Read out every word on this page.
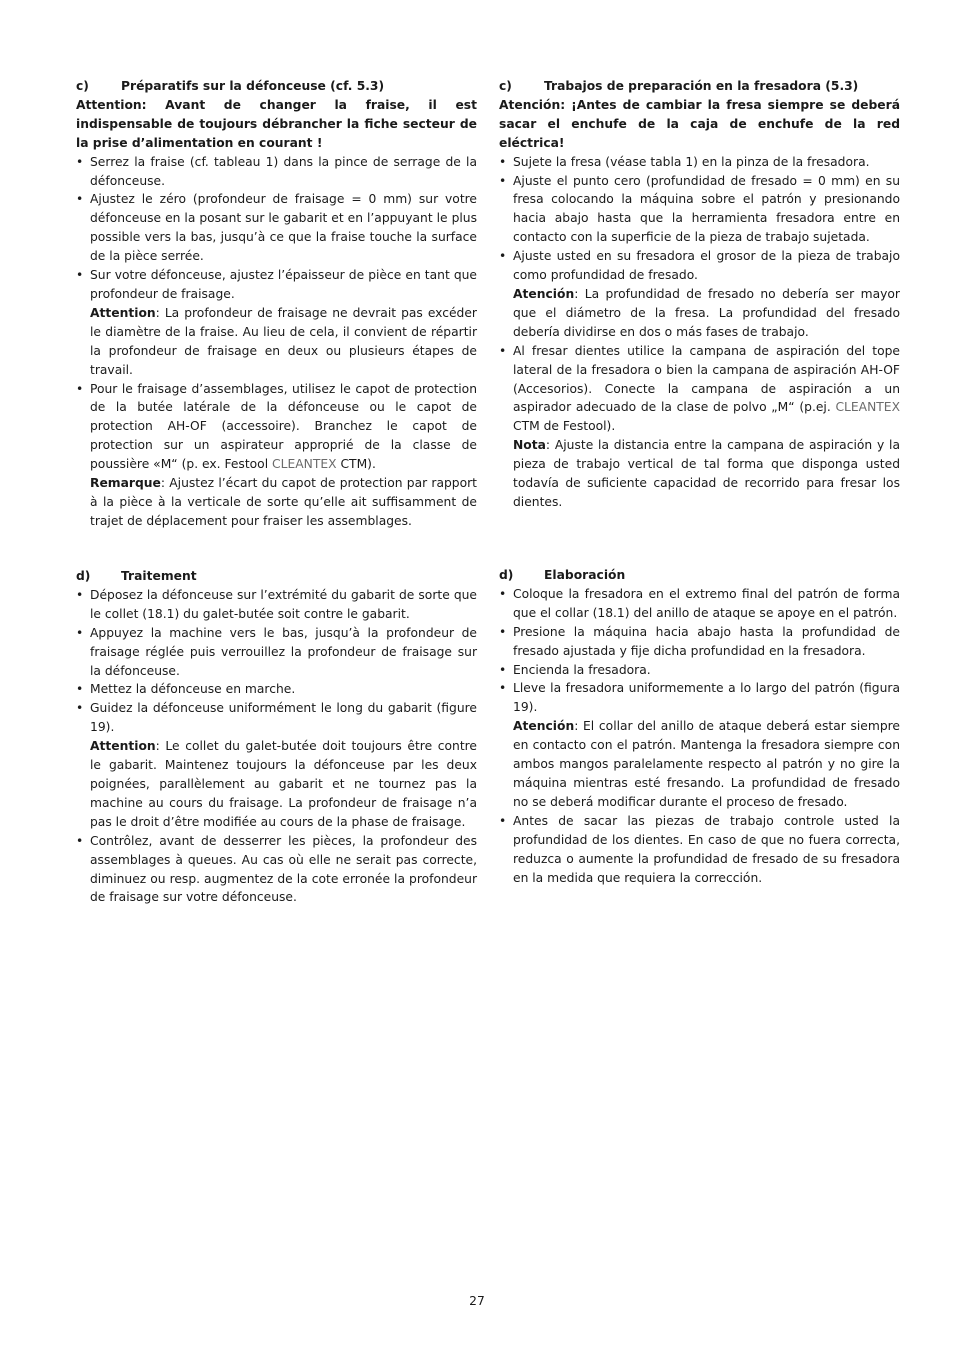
c)	Préparatifs sur la défonceuse (cf. 5.3)

Attention: Avant de changer la fraise, il est indispensable de toujours débrancher la fiche secteur de la prise d’alimentation en courant !

• Serrez la fraise (cf. tableau 1) dans la pince de serrage de la défonceuse.
• Ajustez le zéro (profondeur de fraisage = 0 mm) sur votre défonceuse en la posant sur le gabarit et en l’appuyant le plus possible vers la bas, jusqu’à ce que la fraise touche la surface de la pièce serrée.
• Sur votre défonceuse, ajustez l’épaisseur de pièce en tant que profondeur de fraisage.
Attention: La profondeur de fraisage ne devrait pas excéder le diamètre de la fraise. Au lieu de cela, il convient de répartir la profondeur de fraisage en deux ou plusieurs étapes de travail.
• Pour le fraisage d’assemblages, utilisez le capot de protection de la butée latérale de la défonceuse ou le capot de protection AH-OF (accessoire). Branchez le capot de protection sur un aspirateur approprié de la classe de poussière «M“ (p. ex. Festool CLEANTEX CTM).
Remarque: Ajustez l’écart du capot de protection par rapport à la pièce à la verticale de sorte qu’elle ait suffisamment de trajet de déplacement pour fraiser les assemblages.

d) Traitement

• Déposez la défonceuse sur l’extrémité du gabarit de sorte que le collet (18.1) du galet-butée soit contre le gabarit.
• Appuyez la machine vers le bas, jusqu’à la profondeur de fraisage réglée puis verrouillez la profondeur de fraisage sur la défonceuse.
• Mettez la défonceuse en marche.
• Guidez la défonceuse uniformément le long du gabarit (figure 19).
Attention: Le collet du galet-butée doit toujours être contre le gabarit. Maintenez toujours la défonceuse par les deux poignées, parallèlement au gabarit et ne tournez pas la machine au cours du fraisage. La profondeur de fraisage n’a pas le droit d’être modifiée au cours de la phase de fraisage.
• Contrôlez, avant de desserrer les pièces, la profondeur des assemblages à queues. Au cas où elle ne serait pas correcte, diminuez ou resp. augmentez de la cote erronée la profondeur de fraisage sur votre défonceuse.

c)	Trabajos de preparación en la fresadora (5.3)

Atención: ¡Antes de cambiar la fresa siempre se deberá sacar el enchufe de la caja de enchufe de la red eléctrica!

• Sujete la fresa (véase tabla 1) en la pinza de la fresadora.
• Ajuste el punto cero (profundidad de fresado = 0 mm) en su fresa colocando la máquina sobre el patrón y presionando hacia abajo hasta que la herramienta fresadora entre en contacto con la superficie de la pieza de trabajo sujetada.
• Ajuste usted en su fresadora el grosor de la pieza de trabajo como profundidad de fresado.
Atención: La profundidad de fresado no debería ser mayor que el diámetro de la fresa. La profundidad del fresado debería dividirse en dos o más fases de trabajo.
• Al fresar dientes utilice la campana de aspiración del tope lateral de la fresadora o bien la campana de aspiración AH-OF (Accesorios). Conecte la campana de aspiración a un aspirador adecuado de la clase de polvo „M“ (p.ej. CLEANTEX CTM de Festool).
Nota: Ajuste la distancia entre la campana de aspiración y la pieza de trabajo vertical de tal forma que disponga usted todavía de suficiente capacidad de recorrido para fresar los dientes.

d) Elaboración

• Coloque la fresadora en el extremo final del patrón de forma que el collar (18.1) del anillo de ataque se apoye en el patrón.
• Presione la máquina hacia abajo hasta la profundidad de fresado ajustada y fije dicha profundidad en la fresadora.
• Encienda la fresadora.
• Lleve la fresadora uniformemente a lo largo del patrón (figura 19).
Atención: El collar del anillo de ataque deberá estar siempre en contacto con el patrón. Mantenga la fresadora siempre con ambos mangos paralelamente respecto al patrón y no gire la máquina mientras esté fresando. La profundidad de fresado no se deberá modificar durante el proceso de fresado.
• Antes de sacar las piezas de trabajo controle usted la profundidad de los dientes. En caso de que no fuera correcta, reduzca o aumente la profundidad de fresado de su fresadora en la medida que requiera la corrección.
27
